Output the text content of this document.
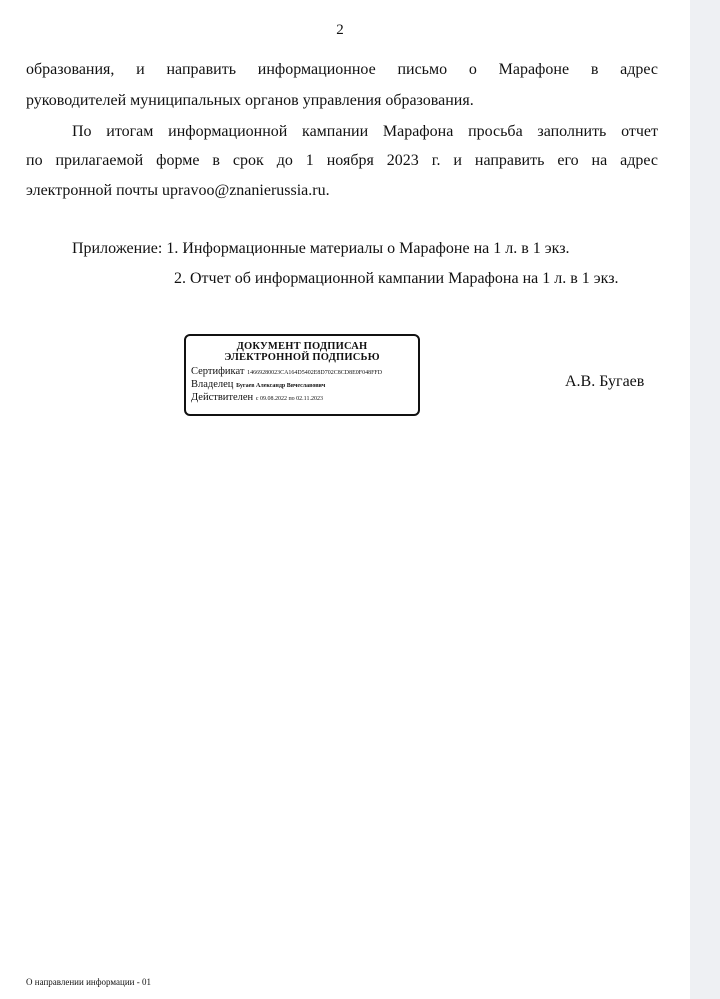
2
образования, и направить информационное письмо о Марафоне в адрес
руководителей муниципальных органов управления образования.
По итогам информационной кампании Марафона просьба заполнить отчет
по прилагаемой форме в срок до 1 ноября 2023 г. и направить его на адрес
электронной почты upravoo@znanierussia.ru.
Приложение: 1. Информационные материалы о Марафоне на 1 л. в 1 экз.
2. Отчет об информационной кампании Марафона на 1 л. в 1 экз.
ДОКУМЕНТ ПОДПИСАН
ЭЛЕКТРОННОЙ ПОДПИСЬЮ
Сертификат 14669280023CA164D5402E8D702C8CD8E0F048FFD
Владелец Бугаев Александр Вячеславович
Действителен с 09.08.2022 по 02.11.2023
А.В. Бугаев
О направлении информации - 01
